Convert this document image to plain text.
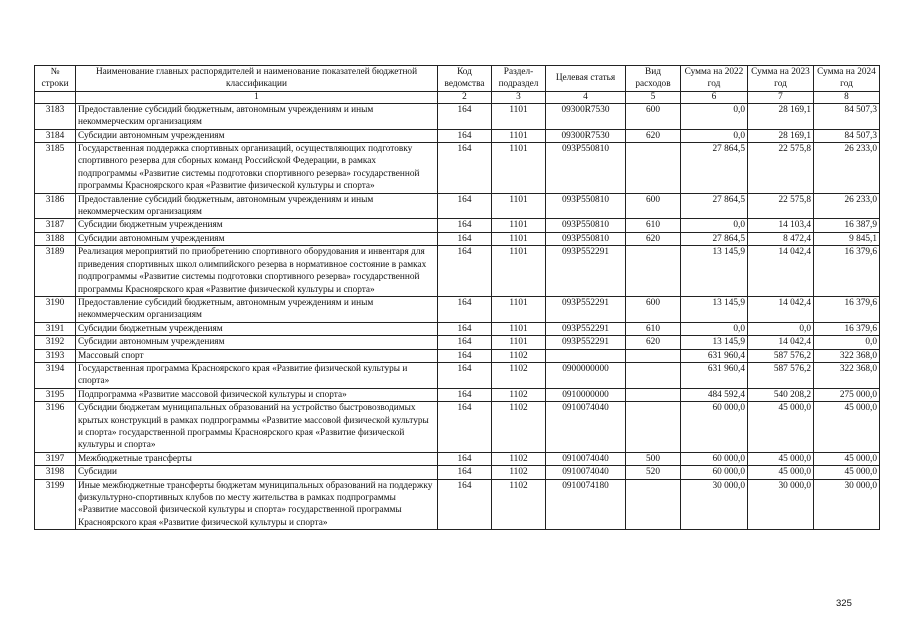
№ строки	Наименование главных распорядителей и наименование показателей бюджетной классификации	Код ведомства	Раздел-подраздел	Целевая статья	Вид расходов	Сумма на 2022 год	Сумма на 2023 год	Сумма на 2024 год
	1	2	3	4	5	6	7	8
3183	Предоставление субсидий бюджетным, автономным учреждениям и иным некоммерческим организациям	164	1101	09300R7530	600	0,0	28 169,1	84 507,3
3184	Субсидии автономным учреждениям	164	1101	09300R7530	620	0,0	28 169,1	84 507,3
3185	Государственная поддержка спортивных организаций, осуществляющих подготовку спортивного резерва для сборных команд Российской Федерации, в рамках подпрограммы «Развитие системы подготовки спортивного резерва» государственной программы Красноярского края «Развитие физической культуры и спорта»	164	1101	093P550810		27 864,5	22 575,8	26 233,0
3186	Предоставление субсидий бюджетным, автономным учреждениям и иным некоммерческим организациям	164	1101	093P550810	600	27 864,5	22 575,8	26 233,0
3187	Субсидии бюджетным учреждениям	164	1101	093P550810	610	0,0	14 103,4	16 387,9
3188	Субсидии автономным учреждениям	164	1101	093P550810	620	27 864,5	8 472,4	9 845,1
3189	Реализация мероприятий по приобретению спортивного оборудования и инвентаря для приведения спортивных школ олимпийского резерва в нормативное состояние в рамках подпрограммы «Развитие системы подготовки спортивного резерва» государственной программы Красноярского края «Развитие физической культуры и спорта»	164	1101	093P552291		13 145,9	14 042,4	16 379,6
3190	Предоставление субсидий бюджетным, автономным учреждениям и иным некоммерческим организациям	164	1101	093P552291	600	13 145,9	14 042,4	16 379,6
3191	Субсидии бюджетным учреждениям	164	1101	093P552291	610	0,0	0,0	16 379,6
3192	Субсидии автономным учреждениям	164	1101	093P552291	620	13 145,9	14 042,4	0,0
3193	Массовый спорт	164	1102			631 960,4	587 576,2	322 368,0
3194	Государственная программа Красноярского края «Развитие физической культуры и спорта»	164	1102	0900000000		631 960,4	587 576,2	322 368,0
3195	Подпрограмма «Развитие массовой физической культуры и спорта»	164	1102	0910000000		484 592,4	540 208,2	275 000,0
3196	Субсидии бюджетам муниципальных образований на устройство быстровозводимых крытых конструкций в рамках подпрограммы «Развитие массовой физической культуры и спорта» государственной программы Красноярского края «Развитие физической культуры и спорта»	164	1102	0910074040		60 000,0	45 000,0	45 000,0
3197	Межбюджетные трансферты	164	1102	0910074040	500	60 000,0	45 000,0	45 000,0
3198	Субсидии	164	1102	0910074040	520	60 000,0	45 000,0	45 000,0
3199	Иные межбюджетные трансферты бюджетам муниципальных образований на поддержку физкультурно-спортивных клубов по месту жительства в рамках подпрограммы «Развитие массовой физической культуры и спорта» государственной программы Красноярского края «Развитие физической культуры и спорта»	164	1102	0910074180		30 000,0	30 000,0	30 000,0
325
